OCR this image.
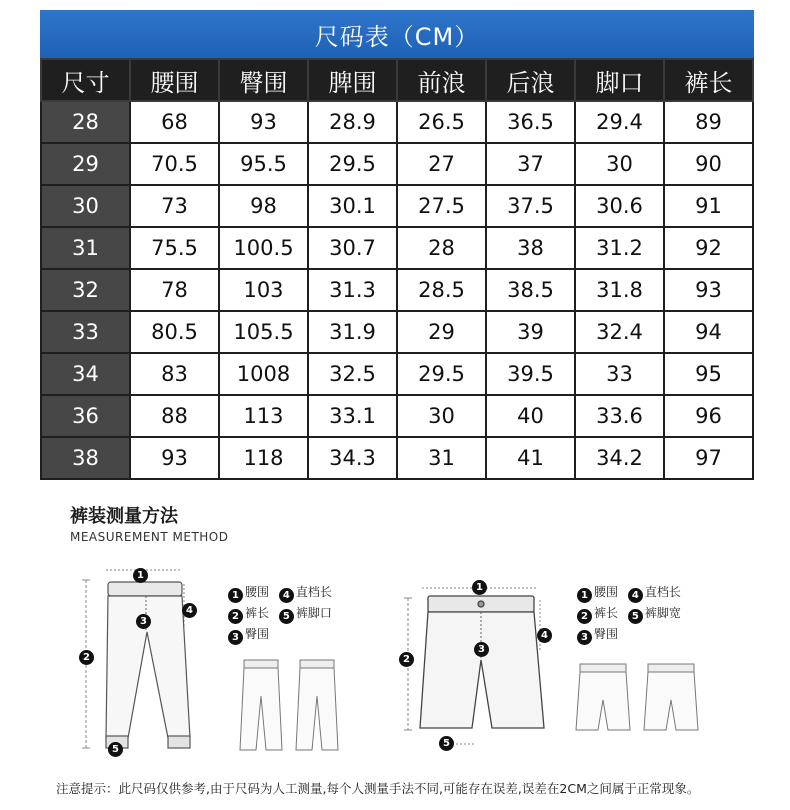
尺码表（CM）
尺寸	腰围	臀围	脾围	前浪	后浪	脚口	裤长
28	68	93	28.9	26.5	36.5	29.4	89
29	70.5	95.5	29.5	27	37	30	90
30	73	98	30.1	27.5	37.5	30.6	91
31	75.5	100.5	30.7	28	38	31.2	92
32	78	103	31.3	28.5	38.5	31.8	93
33	80.5	105.5	31.9	29	39	32.4	94
34	83	1008	32.5	29.5	39.5	33	95
36	88	113	33.1	30	40	33.6	96
38	93	118	34.3	31	41	34.2	97
裤装测量方法
MEASUREMENT METHOD
1
2
3
4
5
1 腰围 4 直档长
2 裤长 5 裤脚口
3 臀围
1
2
3
4
5
1 腰围 4 直档长
2 裤长 5 裤脚宽
3 臀围
注意提示：此尺码仅供参考,由于尺码为人工测量,每个人测量手法不同,可能存在误差,误差在2CM之间属于正常现象。
